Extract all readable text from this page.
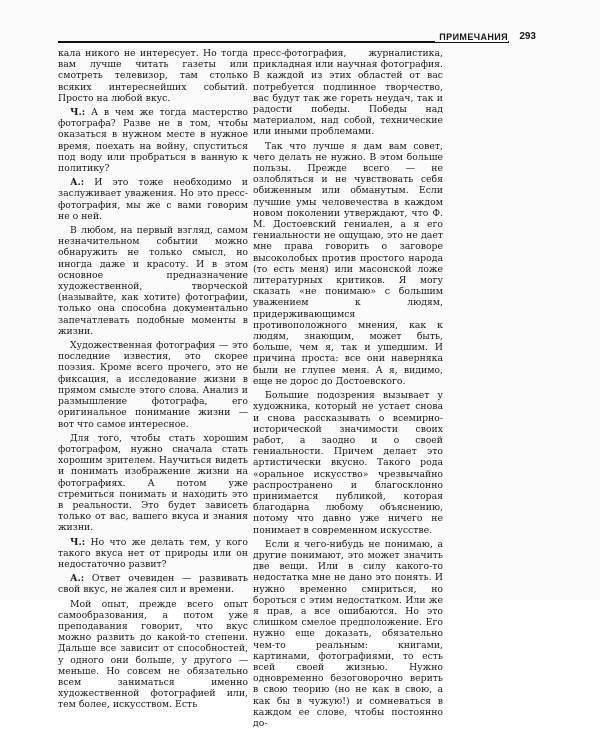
ПРИМЕЧАНИЯ 293

кала никого не интересует. Но тогда вам лучше читать газеты или смотреть телевизор, там столько всяких интереснейших событий. Просто на любой вкус.

Ч.: А в чем же тогда мастерство фотографа? Разве не в том, чтобы оказаться в нужном месте в нужное время, поехать на войну, спуститься под воду или пробраться в ванную к политику?

А.: И это тоже необходимо и заслуживает уважения. Но это пресс-фотография, мы же с вами говорим не о ней.

В любом, на первый взгляд, самом незначительном событии можно обнаружить не только смысл, но иногда даже и красоту. И в этом основное предназначение художественной, творческой (называйте, как хотите) фотографии, только она способна документально запечатлевать подобные моменты в жизни.

Художественная фотография — это последние известия, это скорее поэзия. Кроме всего прочего, это не фиксация, а исследование жизни в прямом смысле этого слова. Анализ и размышление фотографа, его оригинальное понимание жизни — вот что самое интересное.

Для того, чтобы стать хорошим фотографом, нужно сначала стать хорошим зрителем. Научиться видеть и понимать изображение жизни на фотографиях. А потом уже стремиться понимать и находить это в реальности. Это будет зависеть только от вас, вашего вкуса и знания жизни.

Ч.: Но что же делать тем, у кого такого вкуса нет от природы или он недостаточно развит?

А.: Ответ очевиден — развивать свой вкус, не жалея сил и времени.

Мой опыт, прежде всего опыт самообразования, а потом уже преподавания говорит, что вкус можно развить до какой-то степени. Дальше все зависит от способностей, у одного они больше, у другого — меньше. Но совсем не обязательно всем заниматься именно художественной фотографией или, тем более, искусством. Есть

пресс-фотография, журналистика, прикладная или научная фотография. В каждой из этих областей от вас потребуется подлинное творчество, вас будут так же гореть неудач, так и радости победы. Победы над материалом, над собой, технические или иными проблемами.

Так что лучше я дам вам совет, чего делать не нужно. В этом больше пользы. Прежде всего — не озлобляться и не чувствовать себя обиженным или обманутым. Если лучшие умы человечества в каждом новом поколении утверждают, что Ф. М. Достоевский гениален, а я его гениальности не ощущаю, это не дает мне права говорить о заговоре высоколобых против простого народа (то есть меня) или масонской ложе литературных критиков. Я могу сказать «не понимаю» с большим уважением к людям, придерживающимся противоположного мнения, как к людям, знающим, может быть, больше, чем я, так и ушедшим. И причина проста: все они наверняка были не глупее меня. А я, видимо, еще не дорос до Достоевского.

Большие подозрения вызывает у художника, который не устает снова и снова рассказывать о всемирно-исторической значимости своих работ, а заодно и о своей гениальности. Причем делает это артистически вкусно. Такого рода «оральное искусство» чрезвычайно распространено и благосклонно принимается публикой, которая благодарна любому объяснению, потому что давно уже ничего не понимает в современном искусстве.

Если я чего-нибудь не понимаю, а другие понимают, это может значить две вещи. Или в силу какого-то недостатка мне не дано это понять. И нужно временно смириться, но бороться с этим недостатком. Или же я прав, а все ошибаются. Но это слишком смелое предположение. Его нужно еще доказать, обязательно чем-то реальным: книгами, картинами, фотографиями, то есть всей своей жизнью. Нужно одновременно безоговорочно верить в свою теорию (но не как в свою, а как бы в чужую!) и сомневаться в каждом ее слове, чтобы постоянно до-
